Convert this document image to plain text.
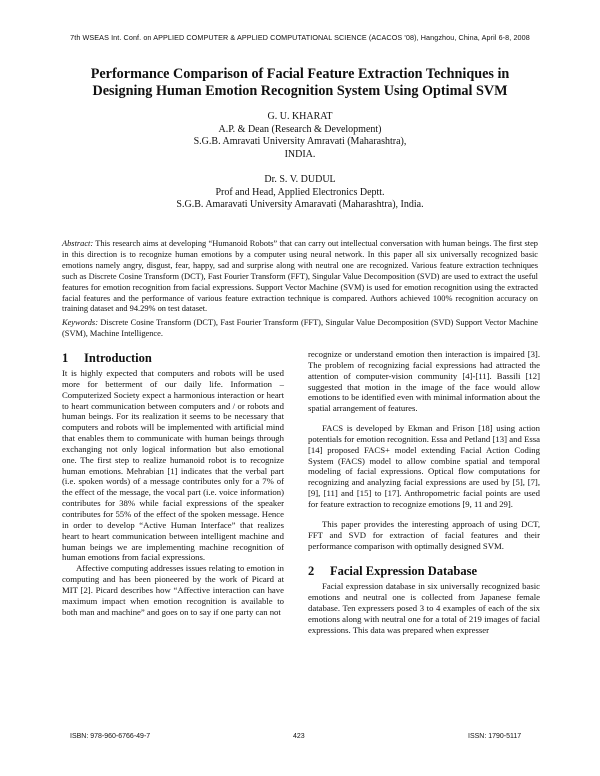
7th WSEAS Int. Conf. on APPLIED COMPUTER & APPLIED COMPUTATIONAL SCIENCE (ACACOS '08), Hangzhou, China, April 6-8, 2008
Performance Comparison of Facial Feature Extraction Techniques in
Designing Human Emotion Recognition System Using Optimal SVM
G. U. KHARAT
A.P. & Dean (Research & Development)
S.G.B. Amravati University Amravati (Maharashtra),
INDIA.
Dr. S. V. DUDUL
Prof and Head, Applied Electronics Deptt.
S.G.B. Amaravati University Amaravati (Maharashtra), India.
Abstract: This research aims at developing “Humanoid Robots” that can carry out intellectual conversation with human beings. The first step in this direction is to recognize human emotions by a computer using neural network. In this paper all six universally recognized basic emotions namely angry, disgust, fear, happy, sad and surprise along with neutral one are recognized. Various feature extraction techniques such as Discrete Cosine Transform (DCT), Fast Fourier Transform (FFT), Singular Value Decomposition (SVD) are used to extract the useful features for emotion recognition from facial expressions. Support Vector Machine (SVM) is used for emotion recognition using the extracted facial features and the performance of various feature extraction technique is compared. Authors achieved 100% recognition accuracy on training dataset and 94.29% on test dataset.
Keywords: Discrete Cosine Transform (DCT), Fast Fourier Transform (FFT), Singular Value Decomposition (SVD) Support Vector Machine (SVM), Machine Intelligence.
1 Introduction

It is highly expected that computers and robots will be used more for betterment of our daily life. Information – Computerized Society expect a harmonious interaction or heart to heart communication between computers and / or robots and human beings. For its realization it seems to be necessary that computers and robots will be implemented with artificial mind that enables them to communicate with human beings through exchanging not only logical information but also emotional one. The first step to realize humanoid robot is to recognize human emotions. Mehrabian [1] indicates that the verbal part (i.e. spoken words) of a message contributes only for a 7% of the effect of the message, the vocal part (i.e. voice information) contributes for 38% while facial expressions of the speaker contributes for 55% of the effect of the spoken message. Hence in order to develop “Active Human Interface” that realizes heart to heart communication between intelligent machine and human beings we are implementing machine recognition of human emotions from facial expressions.

Affective computing addresses issues relating to emotion in computing and has been pioneered by the work of Picard at MIT [2]. Picard describes how “Affective interaction can have maximum impact when emotion recognition is available to both man and machine” and goes on to say if one party can not

recognize or understand emotion then interaction is impaired [3]. The problem of recognizing facial expressions had attracted the attention of computer-vision community [4]-[11]. Bassili [12] suggested that motion in the image of the face would allow emotions to be identified even with minimal information about the spatial arrangement of features.

FACS is developed by Ekman and Frison [18] using action potentials for emotion recognition. Essa and Petland [13] and Essa [14] proposed FACS+ model extending Facial Action Coding System (FACS) model to allow combine spatial and temporal modeling of facial expressions. Optical flow computations for recognizing and analyzing facial expressions are used by [5], [7], [9], [11] and [15] to [17]. Anthropometric facial points are used for feature extraction to recognize emotions [9, 11 and 29].

This paper provides the interesting approach of using DCT, FFT and SVD for extraction of facial features and their performance comparison with optimally designed SVM.

2 Facial Expression Database

Facial expression database in six universally recognized basic emotions and neutral one is collected from Japanese female database. Ten expressers posed 3 to 4 examples of each of the six emotions along with neutral one for a total of 219 images of facial expressions. This data was prepared when expresser

ISBN: 978-960-6766-49-7	423	ISSN: 1790-5117
